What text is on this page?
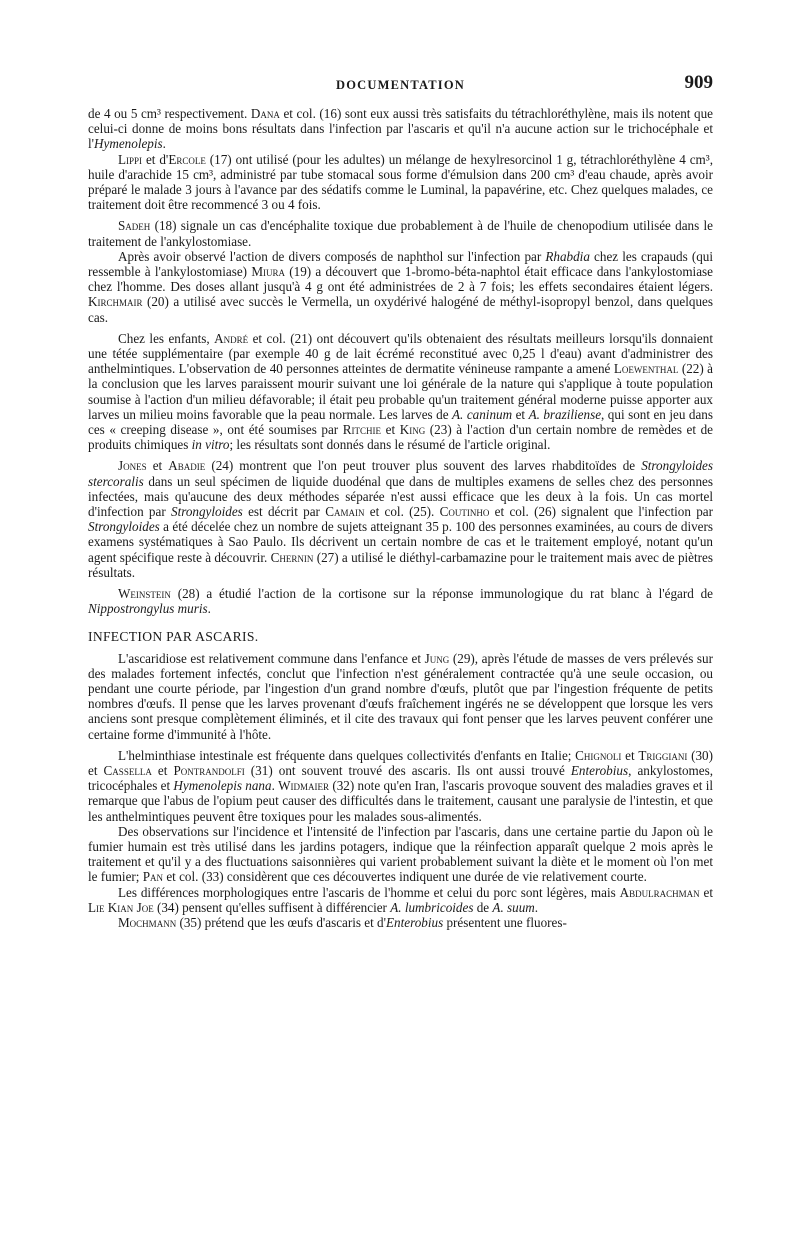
DOCUMENTATION	909

de 4 ou 5 cm³ respectivement. Dana et col. (16) sont eux aussi très satisfaits du tétrachloréthylène, mais ils notent que celui-ci donne de moins bons résultats dans l'infection par l'ascaris et qu'il n'a aucune action sur le trichocéphale et l'Hymenolepis.

Lippi et d'Ercole (17) ont utilisé (pour les adultes) un mélange de hexylresorcinol 1 g, tétrachloréthylène 4 cm³, huile d'arachide 15 cm³, administré par tube stomacal sous forme d'émulsion dans 200 cm³ d'eau chaude, après avoir préparé le malade 3 jours à l'avance par des sédatifs comme le Luminal, la papavérine, etc. Chez quelques malades, ce traitement doit être recommencé 3 ou 4 fois.

Sadeh (18) signale un cas d'encéphalite toxique due probablement à de l'huile de chenopodium utilisée dans le traitement de l'ankylostomiase.

Après avoir observé l'action de divers composés de naphthol sur l'infection par Rhabdia chez les crapauds (qui ressemble à l'ankylostomiase) Miura (19) a découvert que 1-bromo-béta-naphtol était efficace dans l'ankylostomiase chez l'homme. Des doses allant jusqu'à 4 g ont été administrées de 2 à 7 fois; les effets secondaires étaient légers. Kirchmair (20) a utilisé avec succès le Vermella, un oxydérivé halogéné de méthyl-isopropyl benzol, dans quelques cas.

Chez les enfants, André et col. (21) ont découvert qu'ils obtenaient des résultats meilleurs lorsqu'ils donnaient une tétée supplémentaire (par exemple 40 g de lait écrémé reconstitué avec 0,25 l d'eau) avant d'administrer des anthelmintiques. L'observation de 40 personnes atteintes de dermatite vénineuse rampante a amené Loewenthal (22) à la conclusion que les larves paraissent mourir suivant une loi générale de la nature qui s'applique à toute population soumise à l'action d'un milieu défavorable; il était peu probable qu'un traitement général moderne puisse apporter aux larves un milieu moins favorable que la peau normale. Les larves de A. caninum et A. braziliense, qui sont en jeu dans ces « creeping disease », ont été soumises par Ritchie et King (23) à l'action d'un certain nombre de remèdes et de produits chimiques in vitro; les résultats sont donnés dans le résumé de l'article original.

Jones et Abadie (24) montrent que l'on peut trouver plus souvent des larves rhabditoïdes de Strongyloides stercoralis dans un seul spécimen de liquide duodénal que dans de multiples examens de selles chez des personnes infectées, mais qu'aucune des deux méthodes séparée n'est aussi efficace que les deux à la fois. Un cas mortel d'infection par Strongyloides est décrit par Camain et col. (25). Coutinho et col. (26) signalent que l'infection par Strongyloides a été décelée chez un nombre de sujets atteignant 35 p. 100 des personnes examinées, au cours de divers examens systématiques à Sao Paulo. Ils décrivent un certain nombre de cas et le traitement employé, notant qu'un agent spécifique reste à découvrir. Chernin (27) a utilisé le diéthyl-carbamazine pour le traitement mais avec de piètres résultats.

Weinstein (28) a étudié l'action de la cortisone sur la réponse immunologique du rat blanc à l'égard de Nippostrongylus muris.

INFECTION PAR ASCARIS.

L'ascaridiose est relativement commune dans l'enfance et Jung (29), après l'étude de masses de vers prélevés sur des malades fortement infectés, conclut que l'infection n'est généralement contractée qu'à une seule occasion, ou pendant une courte période, par l'ingestion d'un grand nombre d'œufs, plutôt que par l'ingestion fréquente de petits nombres d'œufs. Il pense que les larves provenant d'œufs fraîchement ingérés ne se développent que lorsque les vers anciens sont presque complètement éliminés, et il cite des travaux qui font penser que les larves peuvent conférer une certaine forme d'immunité à l'hôte.

L'helminthiase intestinale est fréquente dans quelques collectivités d'enfants en Italie; Chignoli et Triggiani (30) et Cassella et Pontrandolfi (31) ont souvent trouvé des ascaris. Ils ont aussi trouvé Enterobius, ankylostomes, tricocéphales et Hymenolepis nana. Widmaier (32) note qu'en Iran, l'ascaris provoque souvent des maladies graves et il remarque que l'abus de l'opium peut causer des difficultés dans le traitement, causant une paralysie de l'intestin, et que les anthelmintiques peuvent être toxiques pour les malades sous-alimentés.

Des observations sur l'incidence et l'intensité de l'infection par l'ascaris, dans une certaine partie du Japon où le fumier humain est très utilisé dans les jardins potagers, indique que la réinfection apparaît quelque 2 mois après le traitement et qu'il y a des fluctuations saisonnières qui varient probablement suivant la diète et le moment où l'on met le fumier; Pan et col. (33) considèrent que ces découvertes indiquent une durée de vie relativement courte.

Les différences morphologiques entre l'ascaris de l'homme et celui du porc sont légères, mais Abdulrachman et Lie Kian Joe (34) pensent qu'elles suffisent à différencier A. lumbricoides de A. suum.

Mochmann (35) prétend que les œufs d'ascaris et d'Enterobius présentent une fluores-
